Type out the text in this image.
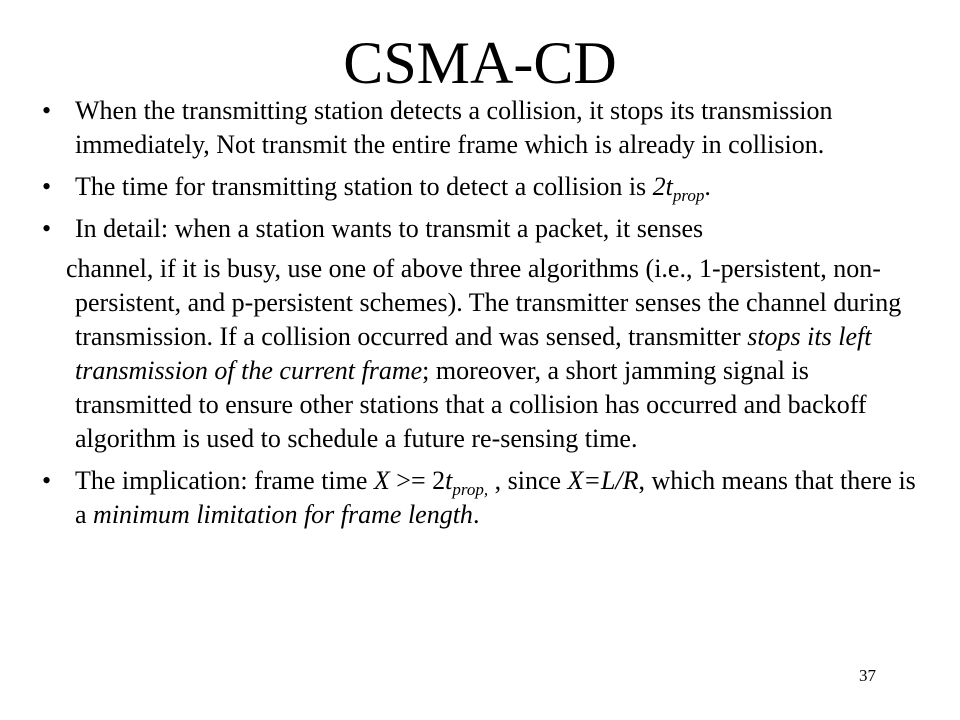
CSMA-CD
• When the transmitting station detects a collision, it stops its transmission immediately, Not transmit the entire frame which is already in collision.
• The time for transmitting station to detect a collision is $2t_{prop}$.
• In detail: when a station wants to transmit a packet, it senses
channel, if it is busy, use one of above three algorithms (i.e., 1-persistent, non-persistent, and p-persistent schemes). The transmitter senses the channel during transmission. If a collision occurred and was sensed, transmitter stops its left transmission of the current frame; moreover, a short jamming signal is transmitted to ensure other stations that a collision has occurred and backoff algorithm is used to schedule a future re-sensing time.
• The implication: frame time $X >= 2t_{prop,}$ , since X=L/R, which means that there is a minimum limitation for frame length.
37
